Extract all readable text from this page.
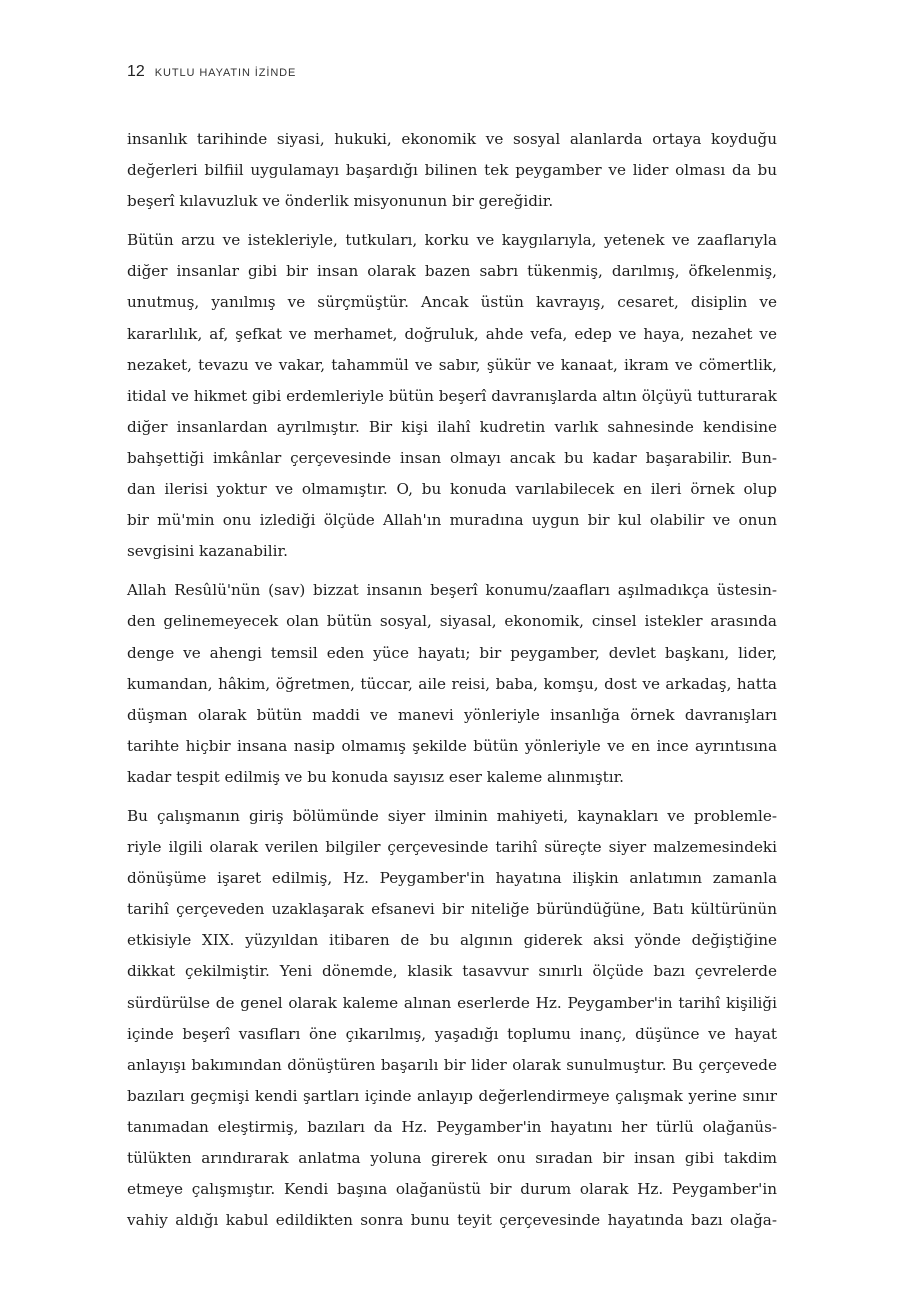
12 KUTLU HAYATIN İZİNDE

insanlık tarihinde siyasi, hukuki, ekonomik ve sosyal alanlarda ortaya koyduğu
değerleri bilfiil uygulamayı başardığı bilinen tek peygamber ve lider olması da bu
beşerî kılavuzluk ve önderlik misyonunun bir gereğidir.

Bütün arzu ve istekleriyle, tutkuları, korku ve kaygılarıyla, yetenek ve zaaflarıyla
diğer insanlar gibi bir insan olarak bazen sabrı tükenmiş, darılmış, öfkelenmiş,
unutmuş, yanılmış ve sürçmüştür. Ancak üstün kavrayış, cesaret, disiplin ve
kararlılık, af, şefkat ve merhamet, doğruluk, ahde vefa, edep ve haya, nezahet ve
nezaket, tevazu ve vakar, tahammül ve sabır, şükür ve kanaat, ikram ve cömertlik,
itidal ve hikmet gibi erdemleriyle bütün beşerî davranışlarda altın ölçüyü tutturarak
diğer insanlardan ayrılmıştır. Bir kişi ilahî kudretin varlık sahnesinde kendisine
bahşettiği imkânlar çerçevesinde insan olmayı ancak bu kadar başarabilir. Bun-
dan ilerisi yoktur ve olmamıştır. O, bu konuda varılabilecek en ileri örnek olup
bir mü'min onu izlediği ölçüde Allah'ın muradına uygun bir kul olabilir ve onun
sevgisini kazanabilir.

Allah Resûlü'nün (sav) bizzat insanın beşerî konumu/zaafları aşılmadıkça üstesin-
den gelinemeyecek olan bütün sosyal, siyasal, ekonomik, cinsel istekler arasında
denge ve ahengi temsil eden yüce hayatı; bir peygamber, devlet başkanı, lider,
kumandan, hâkim, öğretmen, tüccar, aile reisi, baba, komşu, dost ve arkadaş, hatta
düşman olarak bütün maddi ve manevi yönleriyle insanlığa örnek davranışları
tarihte hiçbir insana nasip olmamış şekilde bütün yönleriyle ve en ince ayrıntısına
kadar tespit edilmiş ve bu konuda sayısız eser kaleme alınmıştır.

Bu çalışmanın giriş bölümünde siyer ilminin mahiyeti, kaynakları ve problemle-
riyle ilgili olarak verilen bilgiler çerçevesinde tarihî süreçte siyer malzemesindeki
dönüşüme işaret edilmiş, Hz. Peygamber'in hayatına ilişkin anlatımın zamanla
tarihî çerçeveden uzaklaşarak efsanevi bir niteliğe büründüğüne, Batı kültürünün
etkisiyle XIX. yüzyıldan itibaren de bu algının giderek aksi yönde değiştiğine
dikkat çekilmiştir. Yeni dönemde, klasik tasavvur sınırlı ölçüde bazı çevrelerde
sürdürülse de genel olarak kaleme alınan eserlerde Hz. Peygamber'in tarihî kişiliği
içinde beşerî vasıfları öne çıkarılmış, yaşadığı toplumu inanç, düşünce ve hayat
anlayışı bakımından dönüştüren başarılı bir lider olarak sunulmuştur. Bu çerçevede
bazıları geçmişi kendi şartları içinde anlayıp değerlendirmeye çalışmak yerine sınır
tanımadan eleştirmiş, bazıları da Hz. Peygamber'in hayatını her türlü olağanüs-
tülükten arındırarak anlatma yoluna girerek onu sıradan bir insan gibi takdim
etmeye çalışmıştır. Kendi başına olağanüstü bir durum olarak Hz. Peygamber'in
vahiy aldığı kabul edildikten sonra bunu teyit çerçevesinde hayatında bazı olağa-
